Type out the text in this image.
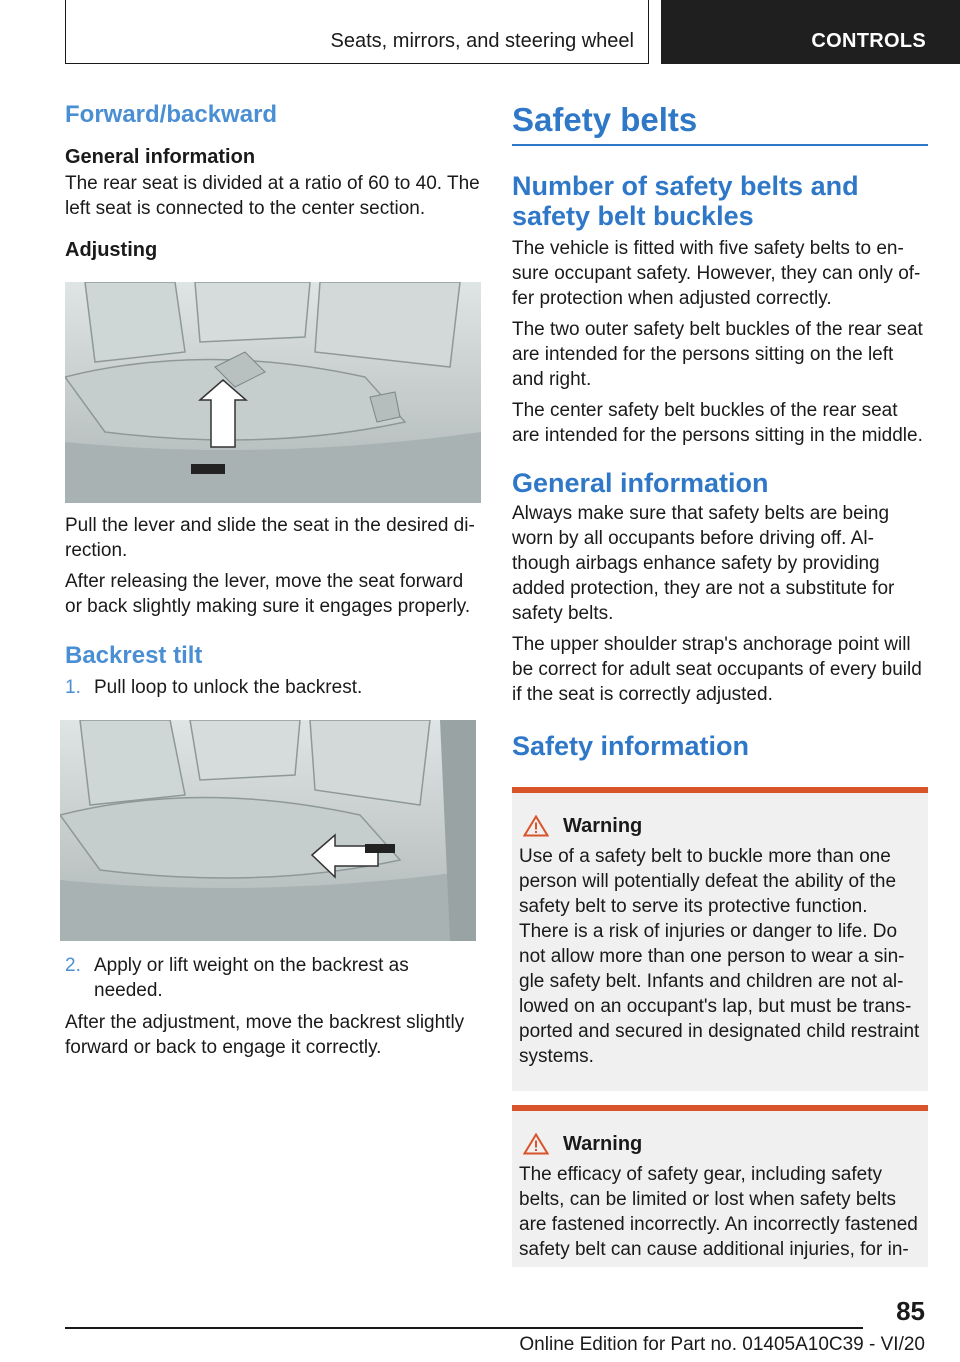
Seats, mirrors, and steering wheel	CONTROLS
Forward/backward
General information

The rear seat is divided at a ratio of 60 to 40. The left seat is connected to the center section.

Adjusting

Pull the lever and slide the seat in the desired di-rection.

After releasing the lever, move the seat forward or back slightly making sure it engages properly.

Backrest tilt
1. Pull loop to unlock the backrest.
2. Apply or lift weight on the backrest as needed.

After the adjustment, move the backrest slightly forward or back to engage it correctly.

Safety belts
Number of safety belts and safety belt buckles

The vehicle is fitted with five safety belts to en-sure occupant safety. However, they can only of-fer protection when adjusted correctly.

The two outer safety belt buckles of the rear seat are intended for the persons sitting on the left and right.

The center safety belt buckles of the rear seat are intended for the persons sitting in the middle.

General information

Always make sure that safety belts are being worn by all occupants before driving off. Al-though airbags enhance safety by providing added protection, they are not a substitute for safety belts.

The upper shoulder strap's anchorage point will be correct for adult seat occupants of every build if the seat is correctly adjusted.

Safety information
Warning

Use of a safety belt to buckle more than one person will potentially defeat the ability of the safety belt to serve its protective function. There is a risk of injuries or danger to life. Do not allow more than one person to wear a sin-gle safety belt. Infants and children are not al-lowed on an occupant's lap, but must be trans-ported and secured in designated child restraint systems.

Warning

The efficacy of safety gear, including safety belts, can be limited or lost when safety belts are fastened incorrectly. An incorrectly fastened safety belt can cause additional injuries, for in-

85
Online Edition for Part no. 01405A10C39 - VI/20
